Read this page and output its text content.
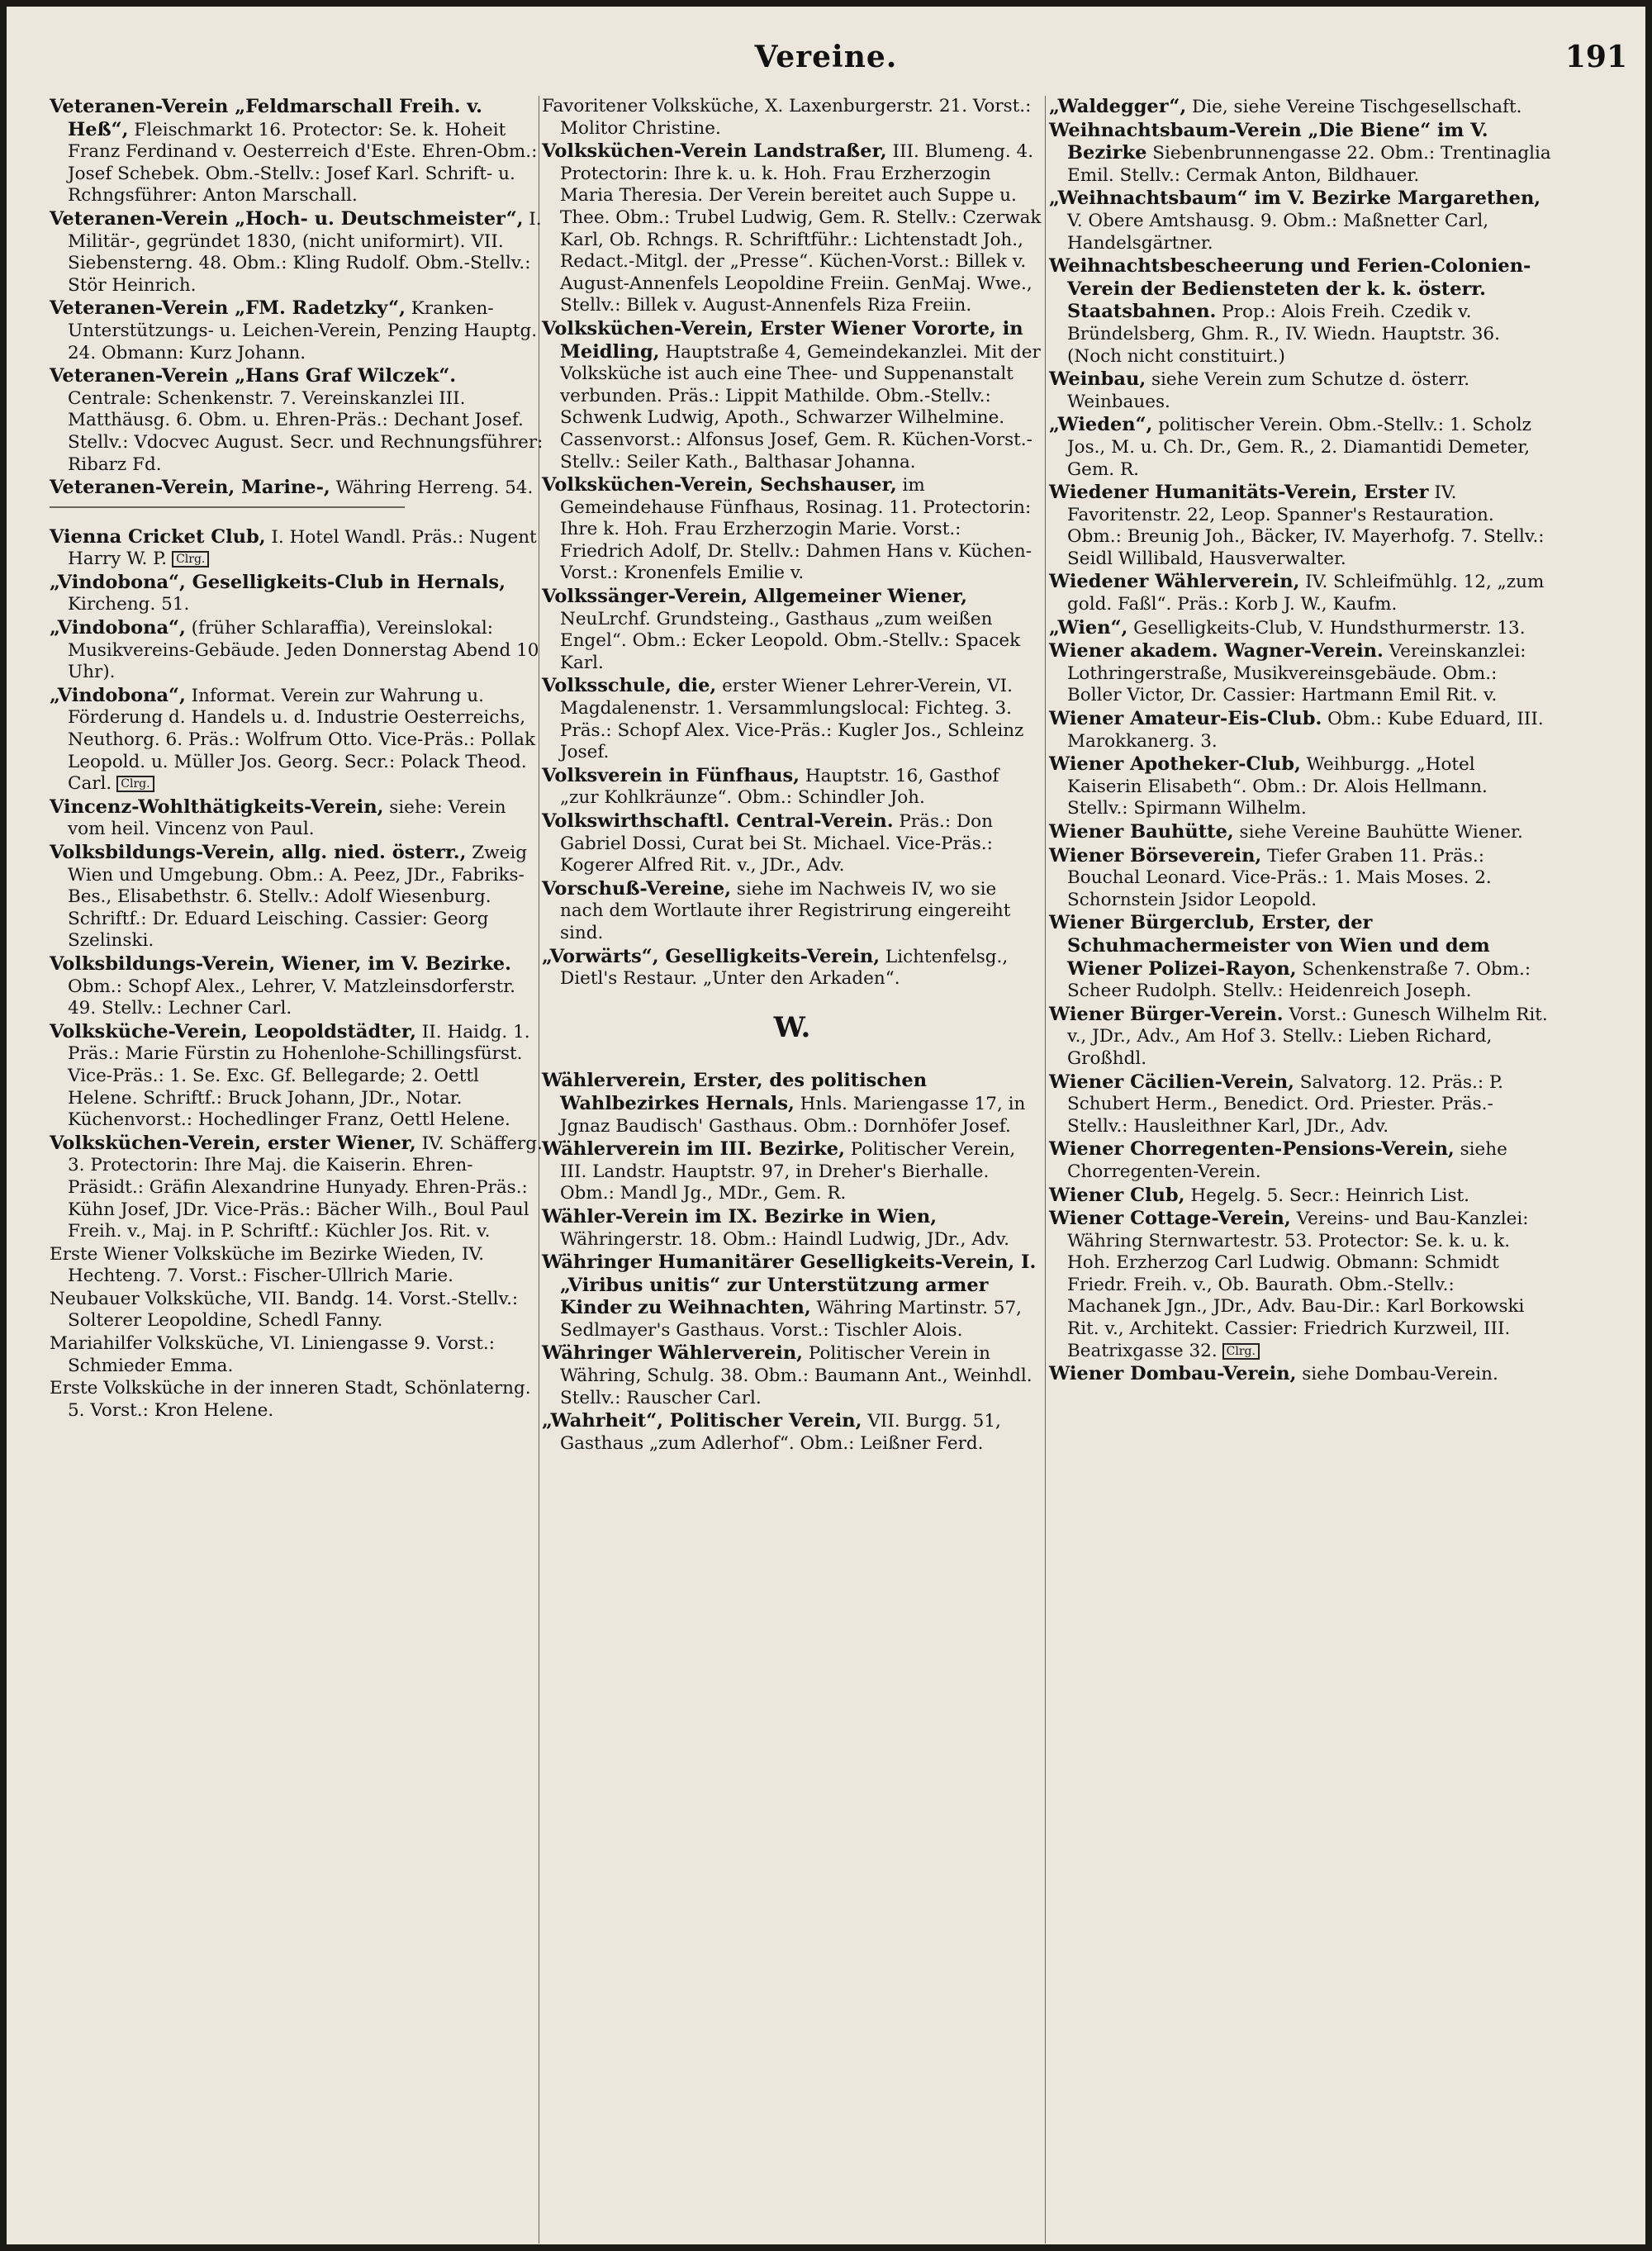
Vereine.	191
Veteranen-Verein „Feldmarschall Freih. v. Heß“, Fleischmarkt 16. Protector: Se. k. Hoheit Franz Ferdinand v. Oesterreich d'Este. Ehren-Obm.: Josef Schebek. Obm.-Stellv.: Josef Karl. Schrift- u. Rchngsführer: Anton Marschall.
Veteranen-Verein „Hoch- u. Deutschmeister“, I. Militär-, gegründet 1830, (nicht uniformirt). VII. Siebensterng. 48. Obm.: Kling Rudolf. Obm.-Stellv.: Stör Heinrich.
Veteranen-Verein „FM. Radetzky“, Kranken-Unterstützungs- u. Leichen-Verein, Penzing Hauptg. 24. Obmann: Kurz Johann.
Veteranen-Verein „Hans Graf Wilczek“. Centrale: Schenkenstr. 7. Vereinskanzlei III. Matthäusg. 6. Obm. u. Ehren-Präs.: Dechant Josef. Stellv.: Vdocvec August. Secr. und Rechnungsführer: Ribarz Fd.
Veteranen-Verein, Marine-, Währing Herreng. 54.
Vienna Cricket Club, I. Hotel Wandl. Präs.: Nugent Harry W. P. Clrg.
„Vindobona“, Geselligkeits-Club in Hernals, Kircheng. 51.
„Vindobona“, (früher Schlaraffia), Vereinslokal: Musikvereins-Gebäude. Jeden Donnerstag Abend 10 Uhr).
„Vindobona“, Informat. Verein zur Wahrung u. Förderung d. Handels u. d. Industrie Oesterreichs, Neuthorg. 6. Präs.: Wolfrum Otto. Vice-Präs.: Pollak Leopold. u. Müller Jos. Georg. Secr.: Polack Theod. Carl. Clrg.
Vincenz-Wohlthätigkeits-Verein, siehe: Verein vom heil. Vincenz von Paul.
Volksbildungs-Verein, allg. nied. österr., Zweig Wien und Umgebung. Obm.: A. Peez, JDr., Fabriks-Bes., Elisabethstr. 6. Stellv.: Adolf Wiesenburg. Schriftf.: Dr. Eduard Leisching. Cassier: Georg Szelinski.
Volksbildungs-Verein, Wiener, im V. Bezirke. Obm.: Schopf Alex., Lehrer, V. Matzleinsdorferstr. 49. Stellv.: Lechner Carl.
Volksküche-Verein, Leopoldstädter, II. Haidg. 1. Präs.: Marie Fürstin zu Hohenlohe-Schillingsfürst. Vice-Präs.: 1. Se. Exc. Gf. Bellegarde; 2. Oettl Helene. Schriftf.: Bruck Johann, JDr., Notar. Küchenvorst.: Hochedlinger Franz, Oettl Helene.
Volksküchen-Verein, erster Wiener, IV. Schäfferg. 3. Protectorin: Ihre Maj. die Kaiserin. Ehren-Präsidt.: Gräfin Alexandrine Hunyady. Ehren-Präs.: Kühn Josef, JDr. Vice-Präs.: Bächer Wilh., Boul Paul Freih. v., Maj. in P. Schriftf.: Küchler Jos. Rit. v.
Erste Wiener Volksküche im Bezirke Wieden, IV. Hechteng. 7. Vorst.: Fischer-Ullrich Marie.
Neubauer Volksküche, VII. Bandg. 14. Vorst.-Stellv.: Solterer Leopoldine, Schedl Fanny.
Mariahilfer Volksküche, VI. Liniengasse 9. Vorst.: Schmieder Emma.
Erste Volksküche in der inneren Stadt, Schönlaterng. 5. Vorst.: Kron Helene.
Favoritener Volksküche, X. Laxenburgerstr. 21. Vorst.: Molitor Christine.
Volksküchen-Verein Landstraßer, III. Blumeng. 4. Protectorin: Ihre k. u. k. Hoh. Frau Erzherzogin Maria Theresia. Der Verein bereitet auch Suppe u. Thee. Obm.: Trubel Ludwig, Gem. R. Stellv.: Czerwak Karl, Ob. Rchngs. R. Schriftführ.: Lichtenstadt Joh., Redact.-Mitgl. der „Presse“. Küchen-Vorst.: Billek v. August-Annenfels Leopoldine Freiin. GenMaj. Wwe., Stellv.: Billek v. August-Annenfels Riza Freiin.
Volksküchen-Verein, Erster Wiener Vororte, in Meidling, Hauptstraße 4, Gemeindekanzlei. Mit der Volksküche ist auch eine Thee- und Suppenanstalt verbunden. Präs.: Lippit Mathilde. Obm.-Stellv.: Schwenk Ludwig, Apoth., Schwarzer Wilhelmine. Cassenvorst.: Alfonsus Josef, Gem. R. Küchen-Vorst.-Stellv.: Seiler Kath., Balthasar Johanna.
Volksküchen-Verein, Sechshauser, im Gemeindehause Fünfhaus, Rosinag. 11. Protectorin: Ihre k. Hoh. Frau Erzherzogin Marie. Vorst.: Friedrich Adolf, Dr. Stellv.: Dahmen Hans v. Küchen-Vorst.: Kronenfels Emilie v.
Volkssänger-Verein, Allgemeiner Wiener, NeuLrchf. Grundsteing., Gasthaus „zum weißen Engel“. Obm.: Ecker Leopold. Obm.-Stellv.: Spacek Karl.
Volksschule, die, erster Wiener Lehrer-Verein, VI. Magdalenenstr. 1. Versammlungslocal: Fichteg. 3. Präs.: Schopf Alex. Vice-Präs.: Kugler Jos., Schleinz Josef.
Volksverein in Fünfhaus, Hauptstr. 16, Gasthof „zur Kohlkräunze“. Obm.: Schindler Joh.
Volkswirthschaftl. Central-Verein. Präs.: Don Gabriel Dossi, Curat bei St. Michael. Vice-Präs.: Kogerer Alfred Rit. v., JDr., Adv.
Vorschuß-Vereine, siehe im Nachweis IV, wo sie nach dem Wortlaute ihrer Registrirung eingereiht sind.
„Vorwärts“, Geselligkeits-Verein, Lichtenfelsg., Dietl's Restaur. „Unter den Arkaden“.
W.
Wählerverein, Erster, des politischen Wahlbezirkes Hernals, Hnls. Mariengasse 17, in Jgnaz Baudisch' Gasthaus. Obm.: Dornhöfer Josef.
Wählerverein im III. Bezirke, Politischer Verein, III. Landstr. Hauptstr. 97, in Dreher's Bierhalle. Obm.: Mandl Jg., MDr., Gem. R.
Wähler-Verein im IX. Bezirke in Wien, Währingerstr. 18. Obm.: Haindl Ludwig, JDr., Adv.
Währinger Humanitärer Geselligkeits-Verein, I. „Viribus unitis“ zur Unterstützung armer Kinder zu Weihnachten, Währing Martinstr. 57, Sedlmayer's Gasthaus. Vorst.: Tischler Alois.
Währinger Wählerverein, Politischer Verein in Währing, Schulg. 38. Obm.: Baumann Ant., Weinhdl. Stellv.: Rauscher Carl.
„Wahrheit“, Politischer Verein, VII. Burgg. 51, Gasthaus „zum Adlerhof“. Obm.: Leißner Ferd.
„Waldegger“, Die, siehe Vereine Tischgesellschaft.
Weihnachtsbaum-Verein „Die Biene“ im V. Bezirke Siebenbrunnengasse 22. Obm.: Trentinaglia Emil. Stellv.: Cermak Anton, Bildhauer.
„Weihnachtsbaum“ im V. Bezirke Margarethen, V. Obere Amtshausg. 9. Obm.: Maßnetter Carl, Handelsgärtner.
Weihnachtsbescheerung und Ferien-Colonien-Verein der Bediensteten der k. k. österr. Staatsbahnen. Prop.: Alois Freih. Czedik v. Bründelsberg, Ghm. R., IV. Wiedn. Hauptstr. 36. (Noch nicht constituirt.)
Weinbau, siehe Verein zum Schutze d. österr. Weinbaues.
„Wieden“, politischer Verein. Obm.-Stellv.: 1. Scholz Jos., M. u. Ch. Dr., Gem. R., 2. Diamantidi Demeter, Gem. R.
Wiedener Humanitäts-Verein, Erster IV. Favoritenstr. 22, Leop. Spanner's Restauration. Obm.: Breunig Joh., Bäcker, IV. Mayerhofg. 7. Stellv.: Seidl Willibald, Hausverwalter.
Wiedener Wählerverein, IV. Schleifmühlg. 12, „zum gold. Faßl“. Präs.: Korb J. W., Kaufm.
„Wien“, Geselligkeits-Club, V. Hundsthurmerstr. 13.
Wiener akadem. Wagner-Verein. Vereinskanzlei: Lothringerstraße, Musikvereinsgebäude. Obm.: Boller Victor, Dr. Cassier: Hartmann Emil Rit. v.
Wiener Amateur-Eis-Club. Obm.: Kube Eduard, III. Marokkanerg. 3.
Wiener Apotheker-Club, Weihburgg. „Hotel Kaiserin Elisabeth“. Obm.: Dr. Alois Hellmann. Stellv.: Spirmann Wilhelm.
Wiener Bauhütte, siehe Vereine Bauhütte Wiener.
Wiener Börseverein, Tiefer Graben 11. Präs.: Bouchal Leonard. Vice-Präs.: 1. Mais Moses. 2. Schornstein Jsidor Leopold.
Wiener Bürgerclub, Erster, der Schuhmachermeister von Wien und dem Wiener Polizei-Rayon, Schenkenstraße 7. Obm.: Scheer Rudolph. Stellv.: Heidenreich Joseph.
Wiener Bürger-Verein. Vorst.: Gunesch Wilhelm Rit. v., JDr., Adv., Am Hof 3. Stellv.: Lieben Richard, Großhdl.
Wiener Cäcilien-Verein, Salvatorg. 12. Präs.: P. Schubert Herm., Benedict. Ord. Priester. Präs.-Stellv.: Hausleithner Karl, JDr., Adv.
Wiener Chorregenten-Pensions-Verein, siehe Chorregenten-Verein.
Wiener Club, Hegelg. 5. Secr.: Heinrich List.
Wiener Cottage-Verein, Vereins- und Bau-Kanzlei: Währing Sternwartestr. 53. Protector: Se. k. u. k. Hoh. Erzherzog Carl Ludwig. Obmann: Schmidt Friedr. Freih. v., Ob. Baurath. Obm.-Stellv.: Machanek Jgn., JDr., Adv. Bau-Dir.: Karl Borkowski Rit. v., Architekt. Cassier: Friedrich Kurzweil, III. Beatrixgasse 32. Clrg.
Wiener Dombau-Verein, siehe Dombau-Verein.
